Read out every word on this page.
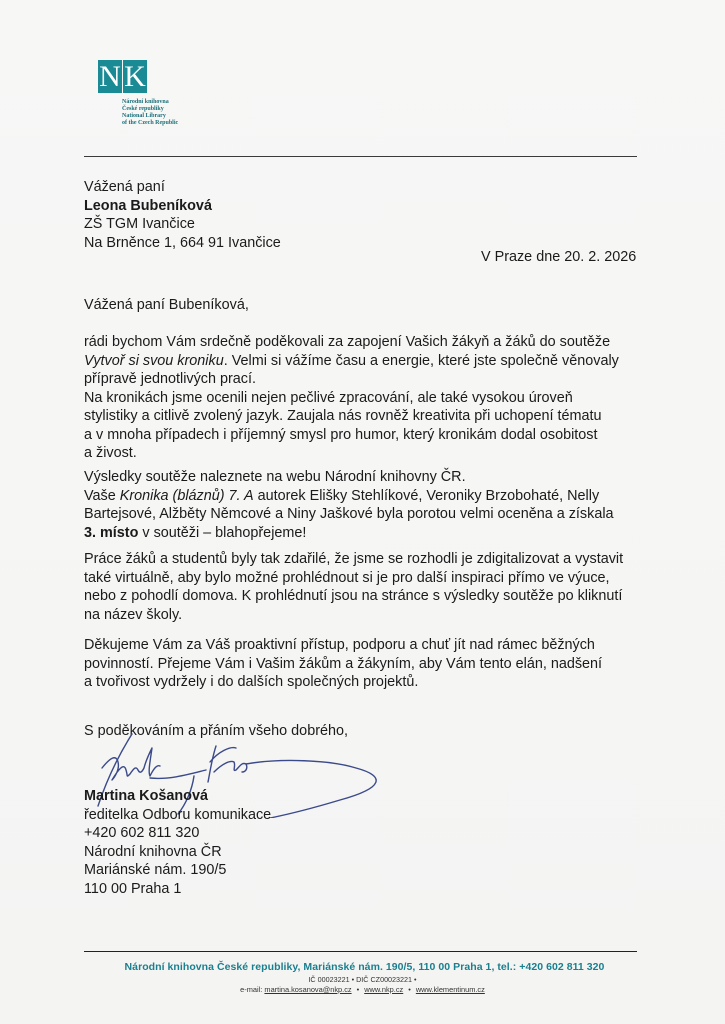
N K
Národní knihovna
České republiky
National Library
of the Czech Republic
Vážená paní
Leona Bubeníková
ZŠ TGM Ivančice
Na Brněnce 1, 664 91 Ivančice
V Praze dne 20. 2. 2026
Vážená paní Bubeníková,
rádi bychom Vám srdečně poděkovali za zapojení Vašich žákyň a žáků do soutěže
Vytvoř si svou kroniku. Velmi si vážíme času a energie, které jste společně věnovaly
přípravě jednotlivých prací.
Na kronikách jsme ocenili nejen pečlivé zpracování, ale také vysokou úroveň
stylistiky a citlivě zvolený jazyk. Zaujala nás rovněž kreativita při uchopení tématu
a v mnoha případech i příjemný smysl pro humor, který kronikám dodal osobitost
a živost.
Výsledky soutěže naleznete na webu Národní knihovny ČR.
Vaše Kronika (bláznů) 7. A autorek Elišky Stehlíkové, Veroniky Brzobohaté, Nelly
Bartejsové, Alžběty Němcové a Niny Jaškové byla porotou velmi oceněna a získala
3. místo v soutěži – blahopřejeme!
Práce žáků a studentů byly tak zdařilé, že jsme se rozhodli je zdigitalizovat a vystavit
také virtuálně, aby bylo možné prohlédnout si je pro další inspiraci přímo ve výuce,
nebo z pohodlí domova. K prohlédnutí jsou na stránce s výsledky soutěže po kliknutí
na název školy.
Děkujeme Vám za Váš proaktivní přístup, podporu a chuť jít nad rámec běžných
povinností. Přejeme Vám i Vašim žákům a žákyním, aby Vám tento elán, nadšení
a tvořivost vydržely i do dalších společných projektů.
S poděkováním a přáním všeho dobrého,
Martina Košanová
ředitelka Odboru komunikace
+420 602 811 320
Národní knihovna ČR
Mariánské nám. 190/5
110 00 Praha 1
Národní knihovna České republiky, Mariánské nám. 190/5, 110 00 Praha 1, tel.: +420 602 811 320
IČ 00023221 • DIČ CZ00023221 •
e-mail: martina.kosanova@nkp.cz • www.nkp.cz • www.klementinum.cz
